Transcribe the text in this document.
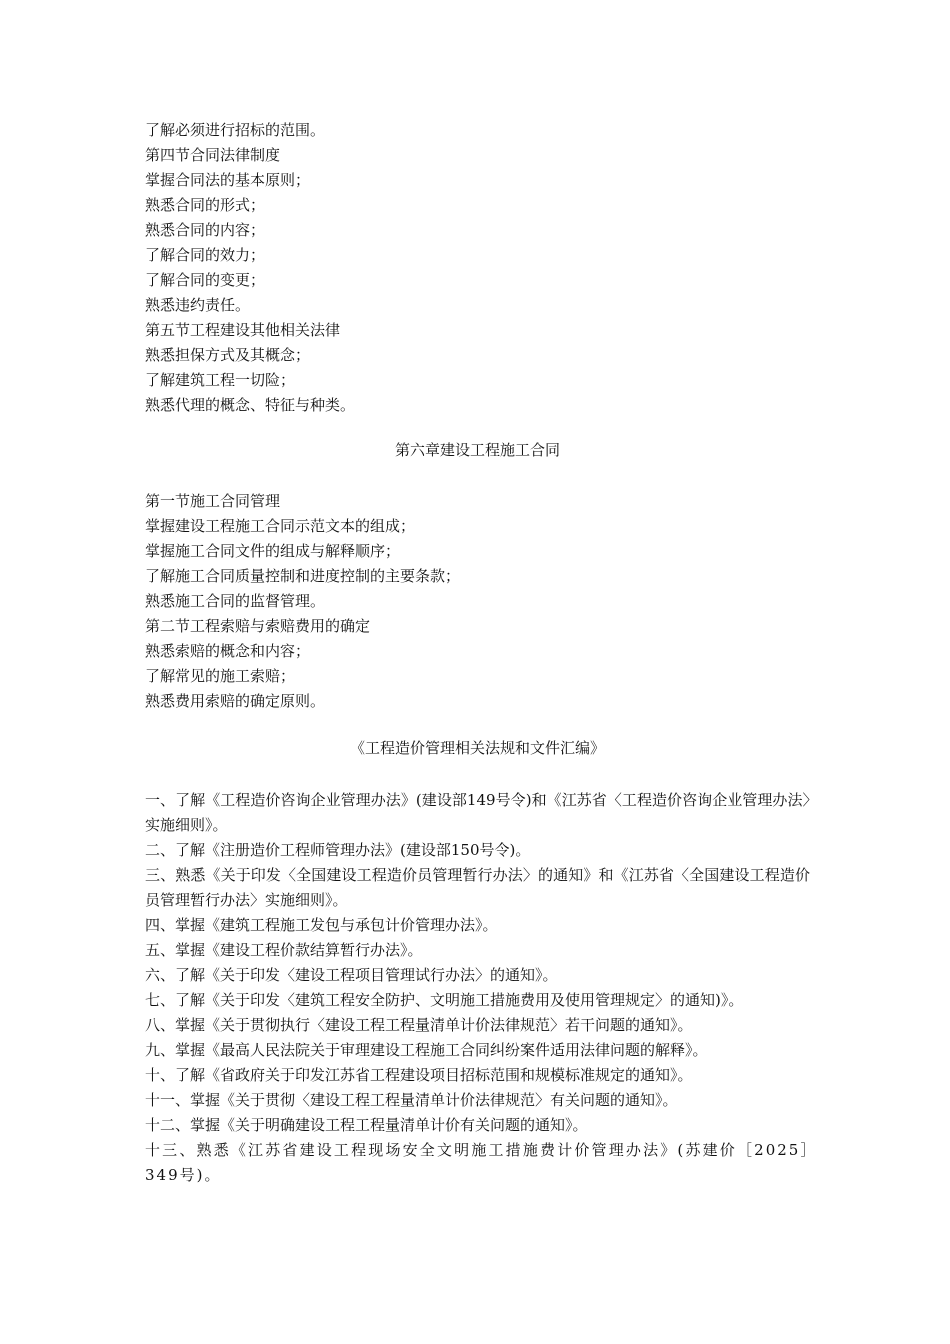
了解必须进行招标的范围。
第四节合同法律制度
掌握合同法的基本原则；
熟悉合同的形式；
熟悉合同的内容；
了解合同的效力；
了解合同的变更；
熟悉违约责任。
第五节工程建设其他相关法律
熟悉担保方式及其概念；
了解建筑工程一切险；
熟悉代理的概念、特征与种类。
第六章建设工程施工合同
第一节施工合同管理
掌握建设工程施工合同示范文本的组成；
掌握施工合同文件的组成与解释顺序；
了解施工合同质量控制和进度控制的主要条款；
熟悉施工合同的监督管理。
第二节工程索赔与索赔费用的确定
熟悉索赔的概念和内容；
了解常见的施工索赔；
熟悉费用索赔的确定原则。
《工程造价管理相关法规和文件汇编》
一、了解《工程造价咨询企业管理办法》(建设部149号令)和《江苏省〈工程造价咨询企业管理办法〉实施细则》。
二、了解《注册造价工程师管理办法》(建设部150号令)。
三、熟悉《关于印发〈全国建设工程造价员管理暂行办法〉的通知》和《江苏省〈全国建设工程造价员管理暂行办法〉实施细则》。
四、掌握《建筑工程施工发包与承包计价管理办法》。
五、掌握《建设工程价款结算暂行办法》。
六、了解《关于印发〈建设工程项目管理试行办法〉的通知》。
七、了解《关于印发〈建筑工程安全防护、文明施工措施费用及使用管理规定〉的通知)》。
八、掌握《关于贯彻执行〈建设工程工程量清单计价法律规范〉若干问题的通知》。
九、掌握《最高人民法院关于审理建设工程施工合同纠纷案件适用法律问题的解释》。
十、了解《省政府关于印发江苏省工程建设项目招标范围和规模标准规定的通知》。
十一、掌握《关于贯彻〈建设工程工程量清单计价法律规范〉有关问题的通知》。
十二、掌握《关于明确建设工程工程量清单计价有关问题的通知》。
十三、熟悉《江苏省建设工程现场安全文明施工措施费计价管理办法》(苏建价［2025］349号)。
